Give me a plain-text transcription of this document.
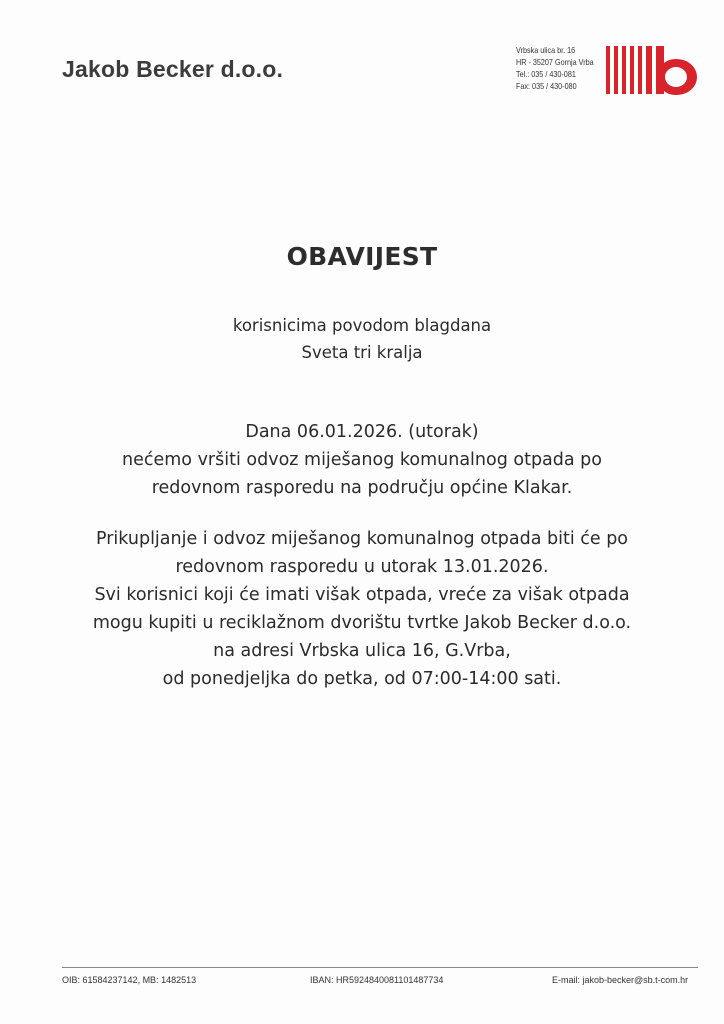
Jakob Becker d.o.o.
Vrbska ulica br. 16
HR - 35207 Gornja Vrba
Tel.: 035 / 430-081
Fax: 035 / 430-080
OBAVIJEST
korisnicima povodom blagdana
Sveta tri kralja
Dana 06.01.2026. (utorak)
nećemo vršiti odvoz miješanog komunalnog otpada po
redovnom rasporedu na području općine Klakar.
Prikupljanje i odvoz miješanog komunalnog otpada biti će po
redovnom rasporedu u utorak 13.01.2026.
Svi korisnici koji će imati višak otpada, vreće za višak otpada
mogu kupiti u reciklažnom dvorištu tvrtke Jakob Becker d.o.o.
na adresi Vrbska ulica 16, G.Vrba,
od ponedjeljka do petka, od 07:00-14:00 sati.
OIB: 61584237142, MB: 1482513	IBAN: HR5924840081101487734	E-mail: jakob-becker@sb.t-com.hr
